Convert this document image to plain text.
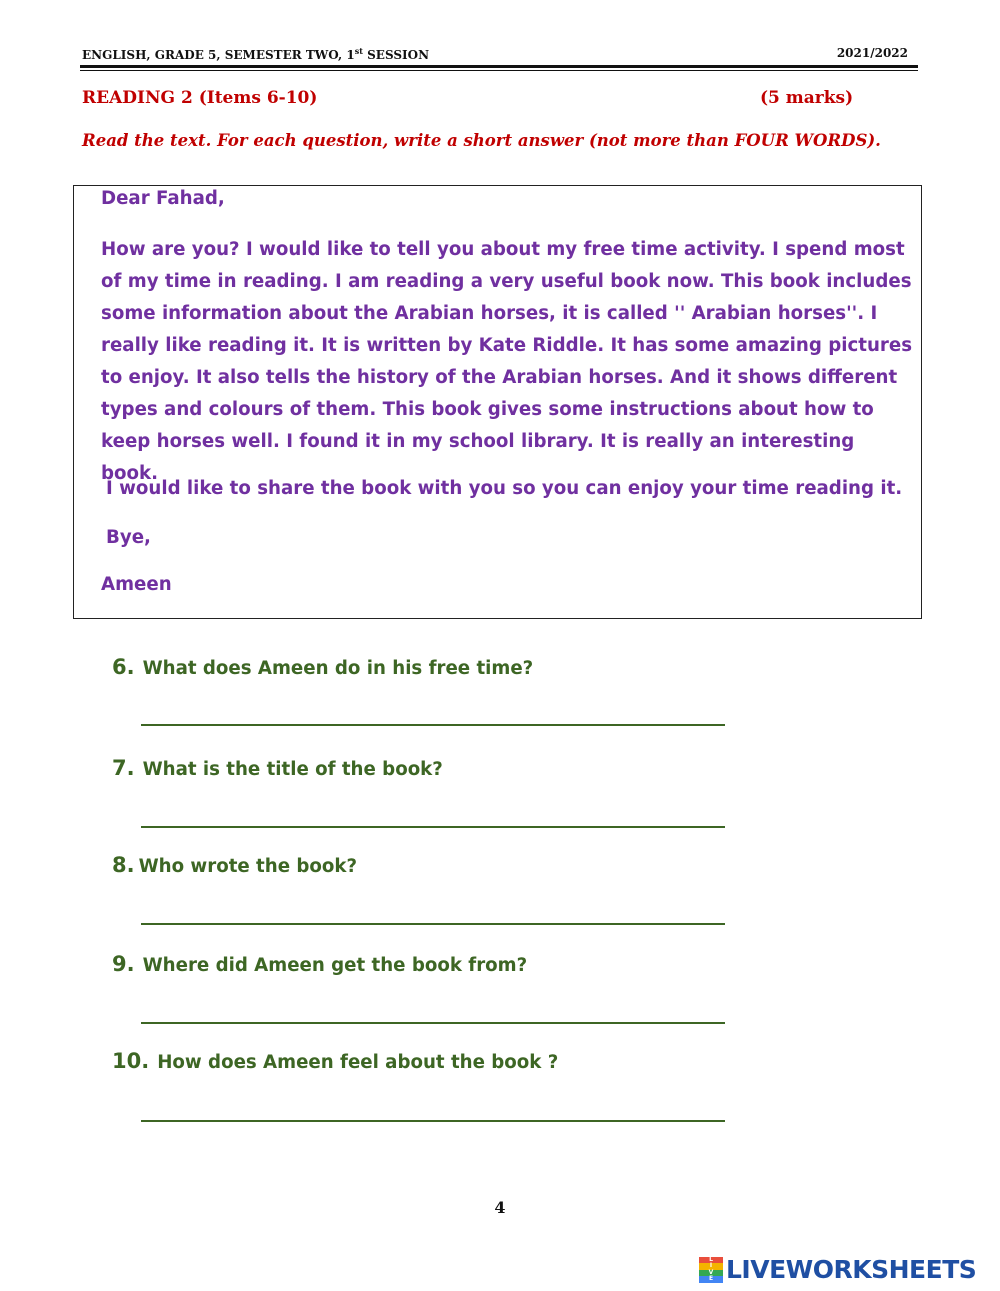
ENGLISH, GRADE 5, SEMESTER TWO, 1st SESSION	2021/2022
READING 2 (Items 6-10)	(5 marks)
Read the text. For each question, write a short answer (not more than FOUR WORDS).
Dear Fahad,
How are you? I would like to tell you about my free time activity. I spend most of my time in reading. I am reading a very useful book now. This book includes some information about the Arabian horses, it is called '' Arabian horses''. I really like reading it. It is written by Kate Riddle. It has some amazing pictures to enjoy. It also tells the history of the Arabian horses. And it shows different types and colours of them. This book gives some instructions about how to keep horses well. I found it in my school library. It is really an interesting book.
I would like to share the book with you so you can enjoy your time reading it.
Bye,
Ameen
6. What does Ameen do in his free time?
7. What is the title of the book?
8. Who wrote the book?
9. Where did Ameen get the book from?
10. How does Ameen feel about the book ?
4
L
I
V
E LIVEWORKSHEETS
